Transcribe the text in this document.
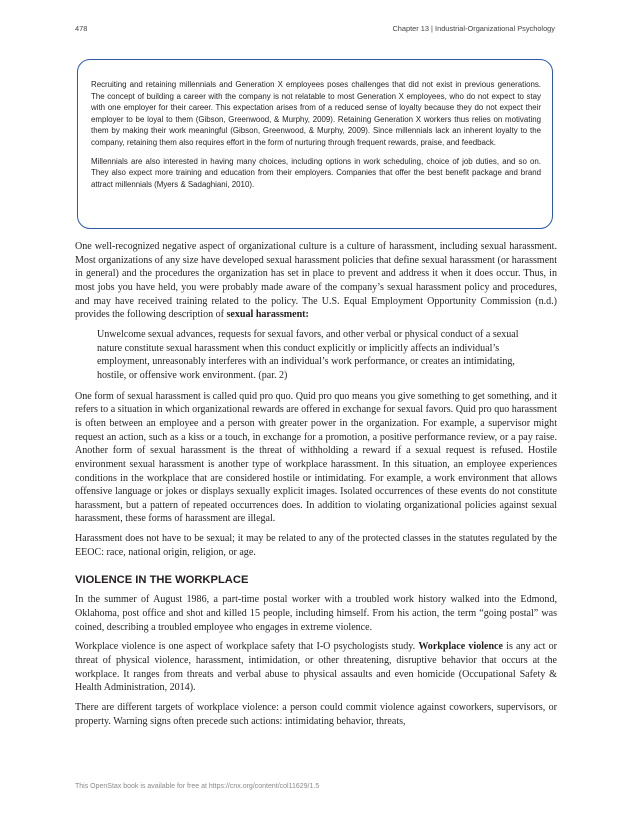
478	Chapter 13 | Industrial-Organizational Psychology

Recruiting and retaining millennials and Generation X employees poses challenges that did not exist in previous generations. The concept of building a career with the company is not relatable to most Generation X employees, who do not expect to stay with one employer for their career. This expectation arises from of a reduced sense of loyalty because they do not expect their employer to be loyal to them (Gibson, Greenwood, & Murphy, 2009). Retaining Generation X workers thus relies on motivating them by making their work meaningful (Gibson, Greenwood, & Murphy, 2009). Since millennials lack an inherent loyalty to the company, retaining them also requires effort in the form of nurturing through frequent rewards, praise, and feedback.

Millennials are also interested in having many choices, including options in work scheduling, choice of job duties, and so on. They also expect more training and education from their employers. Companies that offer the best benefit package and brand attract millennials (Myers & Sadaghiani, 2010).

One well-recognized negative aspect of organizational culture is a culture of harassment, including sexual harassment. Most organizations of any size have developed sexual harassment policies that define sexual harassment (or harassment in general) and the procedures the organization has set in place to prevent and address it when it does occur. Thus, in most jobs you have held, you were probably made aware of the company’s sexual harassment policy and procedures, and may have received training related to the policy. The U.S. Equal Employment Opportunity Commission (n.d.) provides the following description of sexual harassment:

Unwelcome sexual advances, requests for sexual favors, and other verbal or physical conduct of a sexual nature constitute sexual harassment when this conduct explicitly or implicitly affects an individual’s employment, unreasonably interferes with an individual’s work performance, or creates an intimidating, hostile, or offensive work environment. (par. 2)

One form of sexual harassment is called quid pro quo. Quid pro quo means you give something to get something, and it refers to a situation in which organizational rewards are offered in exchange for sexual favors. Quid pro quo harassment is often between an employee and a person with greater power in the organization. For example, a supervisor might request an action, such as a kiss or a touch, in exchange for a promotion, a positive performance review, or a pay raise. Another form of sexual harassment is the threat of withholding a reward if a sexual request is refused. Hostile environment sexual harassment is another type of workplace harassment. In this situation, an employee experiences conditions in the workplace that are considered hostile or intimidating. For example, a work environment that allows offensive language or jokes or displays sexually explicit images. Isolated occurrences of these events do not constitute harassment, but a pattern of repeated occurrences does. In addition to violating organizational policies against sexual harassment, these forms of harassment are illegal.

Harassment does not have to be sexual; it may be related to any of the protected classes in the statutes regulated by the EEOC: race, national origin, religion, or age.

VIOLENCE IN THE WORKPLACE

In the summer of August 1986, a part-time postal worker with a troubled work history walked into the Edmond, Oklahoma, post office and shot and killed 15 people, including himself. From his action, the term “going postal” was coined, describing a troubled employee who engages in extreme violence.

Workplace violence is one aspect of workplace safety that I-O psychologists study. Workplace violence is any act or threat of physical violence, harassment, intimidation, or other threatening, disruptive behavior that occurs at the workplace. It ranges from threats and verbal abuse to physical assaults and even homicide (Occupational Safety & Health Administration, 2014).

There are different targets of workplace violence: a person could commit violence against coworkers, supervisors, or property. Warning signs often precede such actions: intimidating behavior, threats,

This OpenStax book is available for free at https://cnx.org/content/col11629/1.5
